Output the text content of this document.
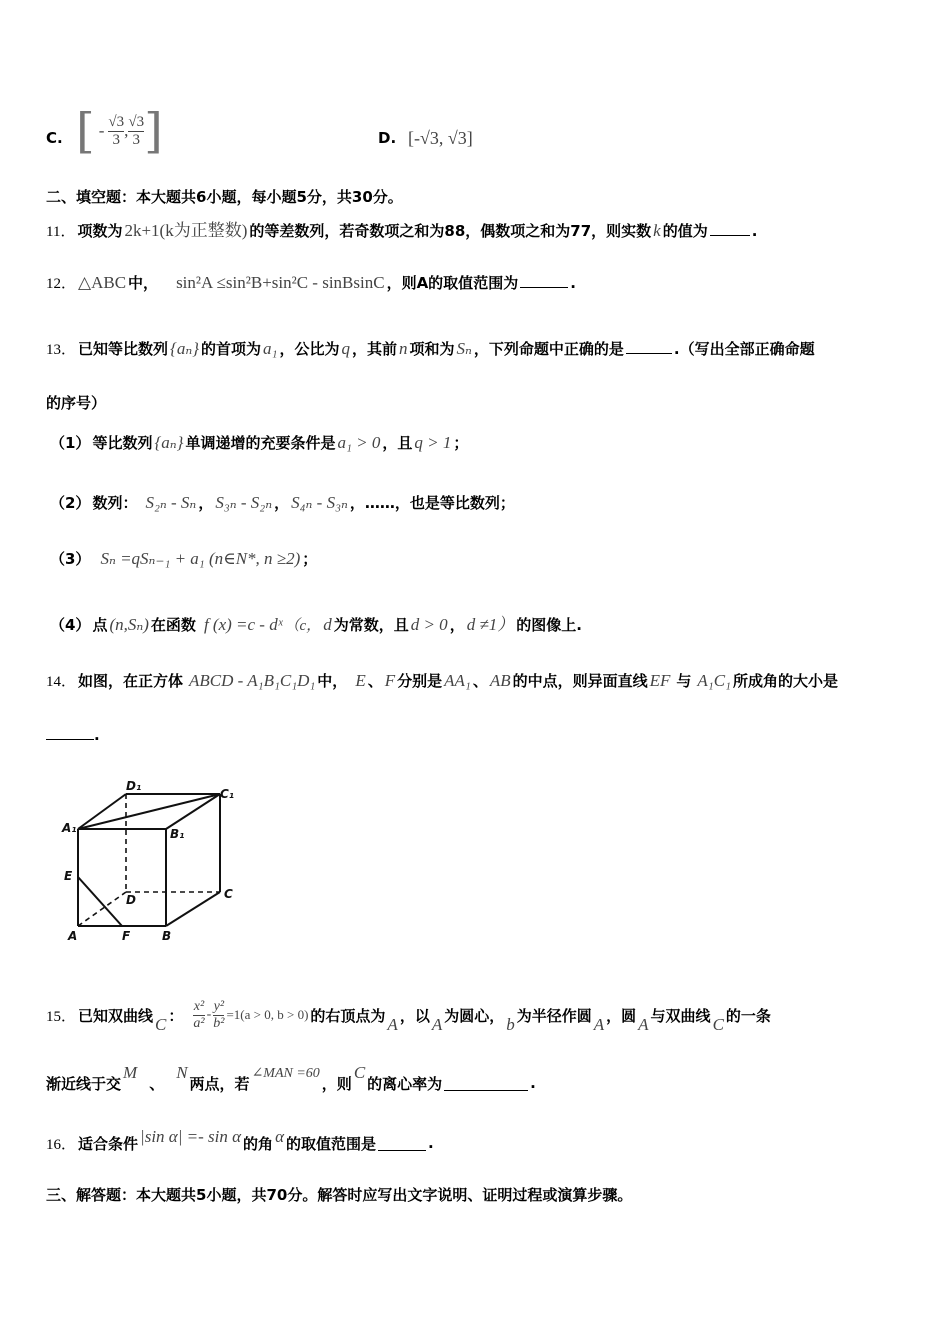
C. [ - $\frac{√3}{3}$ , $\frac{√3}{3}$ ]	D. [-√3, √3]
二、填空题：本大题共6小题，每小题5分，共30分。
11． 项数为 2k+1(k为正整数) 的等差数列，若奇数项之和为88，偶数项之和为77，则实数 k 的值为	.
12． △ABC 中， sin²A ≤sin²B+sin²C - sinBsinC ，则A的取值范围为	.
13． 已知等比数列 {aₙ} 的首项为 a₁ ，公比为 q ，其前 n 项和为 Sₙ ，下列命题中正确的是	.（写出全部正确命题
的序号）
（1） 等比数列 {aₙ} 单调递增的充要条件是 a₁ > 0 ，且 q > 1 ；
（2） 数列： S₂ₙ - Sₙ ， S₃ₙ - S₂ₙ ， S₄ₙ - S₃ₙ ，……，也是等比数列；
（3） Sₙ =qSₙ₋₁ + a₁ (n∈N*, n ≥2) ；
（4） 点 (n,Sₙ) 在函数 f (x) =c - dˣ （c， d 为常数，且 d > 0 ， d ≠1） 的图像上.
14． 如图，在正方体 ABCD - A₁B₁C₁D₁ 中， E 、 F 分别是 AA₁ 、 AB 的中点，则异面直线 EF 与 A₁C₁ 所成角的大小是
.
D₁
C₁
A₁	B₁
E
D	C
A	F	B
15． 已知双曲线 C ： $\frac{\text{x²}}{\text{a²}} - \frac{\text{y²}}{\text{b²}} =1(a > 0$, b > 0) 的右顶点为 A ，以 A 为圆心， b 为半径作圆 A ，圆 A 与双曲线 C 的一条
渐近线于交
M
、
N
两点，若
∠MAN =60
，则
C
的离心率为	.
16． 适合条件 |sin α| =- sin α 的角 α 的取值范围是	.
三、解答题：本大题共5小题，共70分。解答时应写出文字说明、证明过程或演算步骤。
